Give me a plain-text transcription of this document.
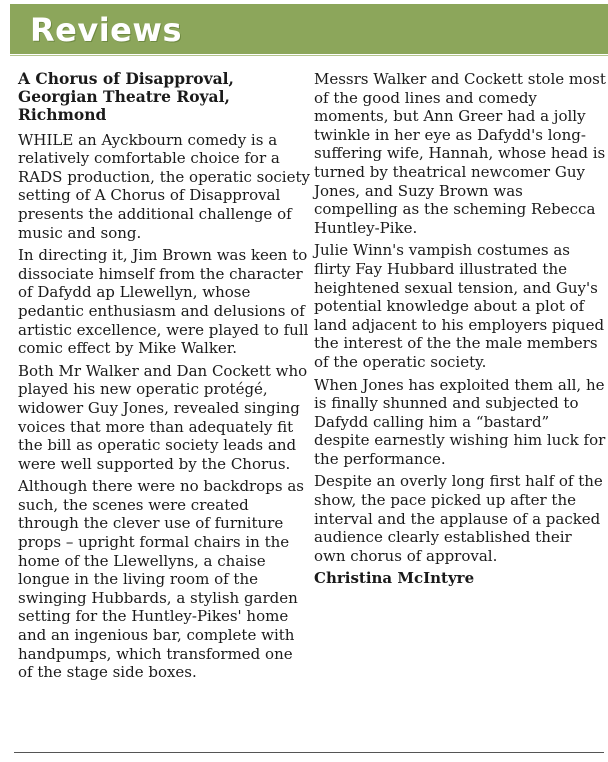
Reviews

A Chorus of Disapproval, Georgian Theatre Royal, Richmond

WHILE an Ayckbourn comedy is a relatively comfortable choice for a RADS production, the operatic society setting of A Chorus of Disapproval presents the additional challenge of music and song.

In directing it, Jim Brown was keen to dissociate himself from the character of Dafydd ap Llewellyn, whose pedantic enthusiasm and delusions of artistic excellence, were played to full comic effect by Mike Walker.

Both Mr Walker and Dan Cockett who played his new operatic protégé, widower Guy Jones, revealed singing voices that more than adequately fit the bill as operatic society leads and were well supported by the Chorus.

Although there were no backdrops as such, the scenes were created through the clever use of furniture props – upright formal chairs in the home of the Llewellyns, a chaise longue in the living room of the swinging Hubbards, a stylish garden setting for the Huntley-Pikes' home and an ingenious bar, complete with handpumps, which transformed one of the stage side boxes.

Messrs Walker and Cockett stole most of the good lines and comedy moments, but Ann Greer had a jolly twinkle in her eye as Dafydd's long-suffering wife, Hannah, whose head is turned by theatrical newcomer Guy Jones, and Suzy Brown was compelling as the scheming Rebecca Huntley-Pike.

Julie Winn's vampish costumes as flirty Fay Hubbard illustrated the heightened sexual tension, and Guy's potential knowledge about a plot of land adjacent to his employers piqued the interest of the the male members of the operatic society.

When Jones has exploited them all, he is finally shunned and subjected to Dafydd calling him a “bastard” despite earnestly wishing him luck for the performance.

Despite an overly long first half of the show, the pace picked up after the interval and the applause of a packed audience clearly established their own chorus of approval.

Christina McIntyre
